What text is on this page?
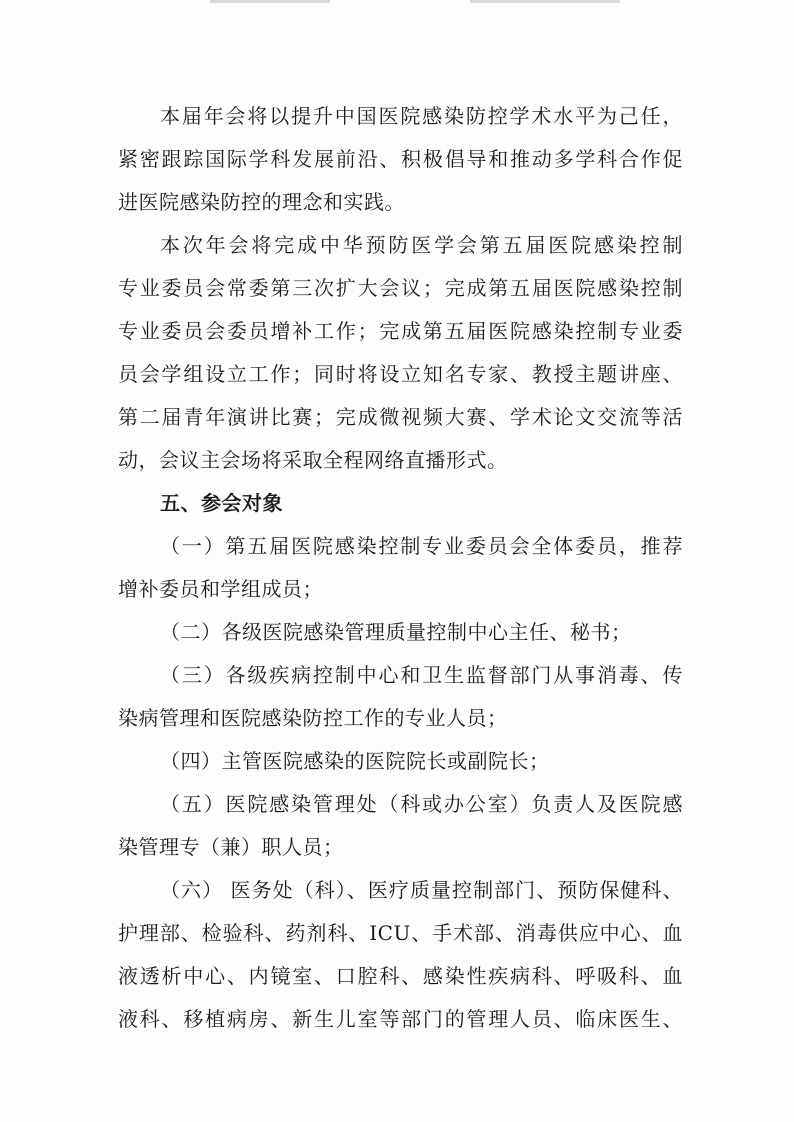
本届年会将以提升中国医院感染防控学术水平为己任，
紧密跟踪国际学科发展前沿、积极倡导和推动多学科合作促
进医院感染防控的理念和实践。
本次年会将完成中华预防医学会第五届医院感染控制
专业委员会常委第三次扩大会议；完成第五届医院感染控制
专业委员会委员增补工作；完成第五届医院感染控制专业委
员会学组设立工作；同时将设立知名专家、教授主题讲座、
第二届青年演讲比赛；完成微视频大赛、学术论文交流等活
动，会议主会场将采取全程网络直播形式。
五、参会对象
（一）第五届医院感染控制专业委员会全体委员，推荐
增补委员和学组成员；
（二）各级医院感染管理质量控制中心主任、秘书；
（三）各级疾病控制中心和卫生监督部门从事消毒、传
染病管理和医院感染防控工作的专业人员；
（四）主管医院感染的医院院长或副院长；
（五）医院感染管理处（科或办公室）负责人及医院感
染管理专（兼）职人员；
（六） 医务处（科）、医疗质量控制部门、预防保健科、
护理部、检验科、药剂科、ICU、手术部、消毒供应中心、血
液透析中心、内镜室、口腔科、感染性疾病科、呼吸科、血
液科、移植病房、新生儿室等部门的管理人员、临床医生、
